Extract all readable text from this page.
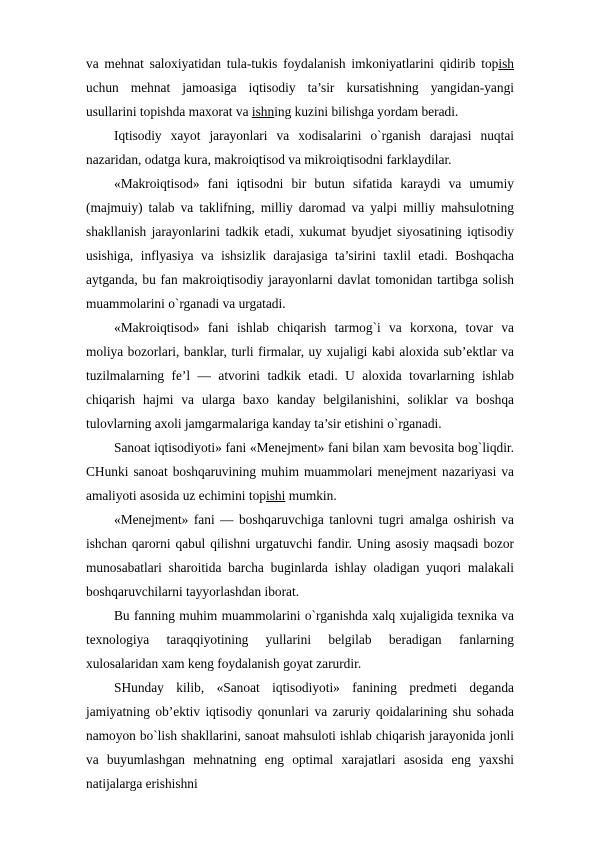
va mehnat saloxiyatidan tula-tukis foydalanish imkoniyatlarini qidirib topish uchun mehnat jamoasiga iqtisodiy ta’sir kursatishning yangidan-yangi usullarini topishda maxorat va ishning kuzini bilishga yordam beradi.

Iqtisodiy xayot jarayonlari va xodisalarini o`rganish darajasi nuqtai nazaridan, odatga kura, makroiqtisod va mikroiqtisodni farklaydilar.

«Makroiqtisod» fani iqtisodni bir butun sifatida karaydi va umumiy (majmuiy) talab va taklifning, milliy daromad va yalpi milliy mahsulotning shakllanish jarayonlarini tadkik etadi, xukumat byudjet siyosatining iqtisodiy usishiga, inflyasiya va ishsizlik darajasiga ta’sirini taxlil etadi. Boshqacha aytganda, bu fan makroiqtisodiy jarayonlarni davlat tomonidan tartibga solish muammolarini o`rganadi va urgatadi.

«Makroiqtisod» fani ishlab chiqarish tarmog`i va korxona, tovar va moliya bozorlari, banklar, turli firmalar, uy xujaligi kabi aloxida sub’ektlar va tuzilmalarning fe’l — atvorini tadkik etadi. U aloxida tovarlarning ishlab chiqarish hajmi va ularga baxo kanday belgilanishini, soliklar va boshqa tulovlarning axoli jamgarmalariga kanday ta’sir etishini o`rganadi.

Sanoat iqtisodiyoti» fani «Menejment» fani bilan xam bevosita bog`liqdir. CHunki sanoat boshqaruvining muhim muammolari menejment nazariyasi va amaliyoti asosida uz echimini topishi mumkin.

«Menejment» fani — boshqaruvchiga tanlovni tugri amalga oshirish va ishchan qarorni qabul qilishni urgatuvchi fandir. Uning asosiy maqsadi bozor munosabatlari sharoitida barcha buginlarda ishlay oladigan yuqori malakali boshqaruvchilarni tayyorlashdan iborat.

Bu fanning muhim muammolarini o`rganishda xalq xujaligida texnika va texnologiya taraqqiyotining yullarini belgilab beradigan fanlarning xulosalaridan xam keng foydalanish goyat zarurdir.

SHunday kilib, «Sanoat iqtisodiyoti» fanining predmeti deganda jamiyatning ob’ektiv iqtisodiy qonunlari va zaruriy qoidalarining shu sohada namoyon bo`lish shakllarini, sanoat mahsuloti ishlab chiqarish jarayonida jonli va buyumlashgan mehnatning eng optimal xarajatlari asosida eng yaxshi natijalarga erishishni
